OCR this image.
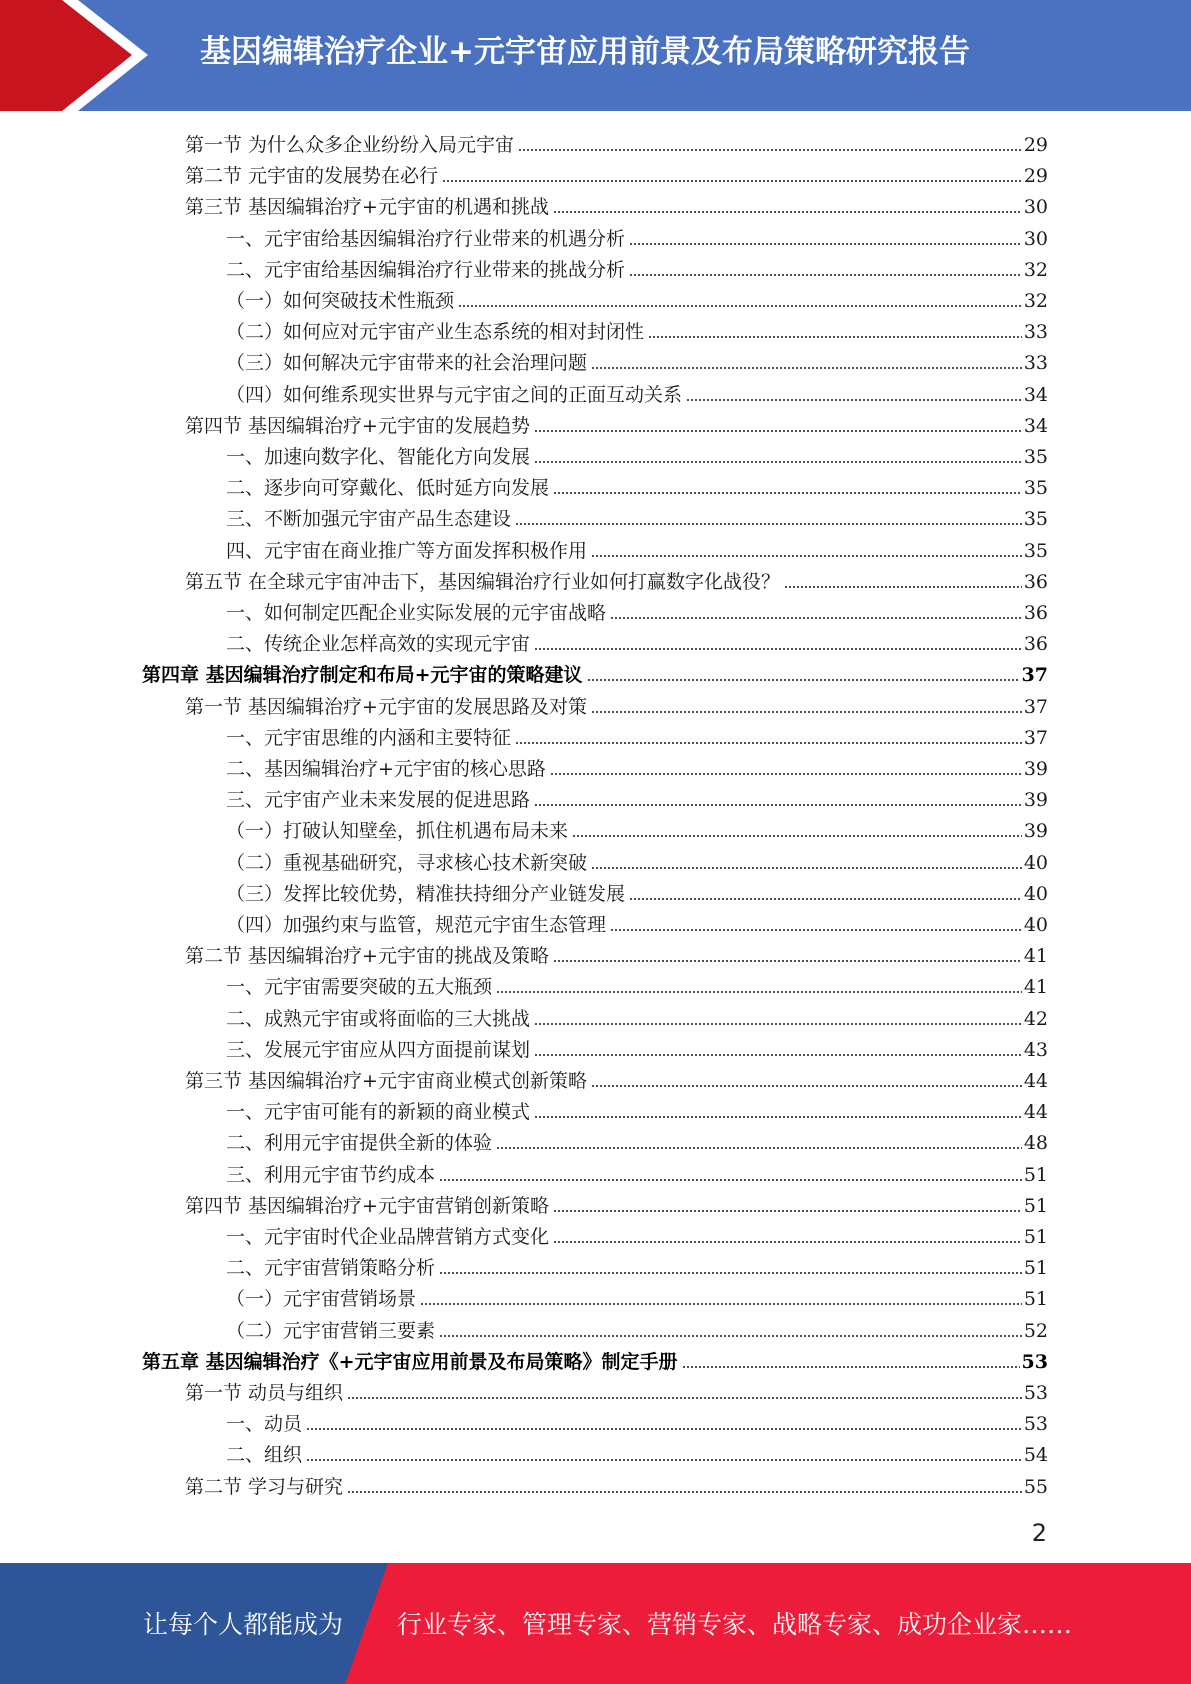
基因编辑治疗企业+元宇宙应用前景及布局策略研究报告
第一节 为什么众多企业纷纷入局元宇宙	29
第二节 元宇宙的发展势在必行	29
第三节 基因编辑治疗+元宇宙的机遇和挑战	30
一、元宇宙给基因编辑治疗行业带来的机遇分析	30
二、元宇宙给基因编辑治疗行业带来的挑战分析	32
（一）如何突破技术性瓶颈	32
（二）如何应对元宇宙产业生态系统的相对封闭性	33
（三）如何解决元宇宙带来的社会治理问题	33
（四）如何维系现实世界与元宇宙之间的正面互动关系	34
第四节 基因编辑治疗+元宇宙的发展趋势	34
一、加速向数字化、智能化方向发展	35
二、逐步向可穿戴化、低时延方向发展	35
三、不断加强元宇宙产品生态建设	35
四、元宇宙在商业推广等方面发挥积极作用	35
第五节 在全球元宇宙冲击下，基因编辑治疗行业如何打赢数字化战役？	36
一、如何制定匹配企业实际发展的元宇宙战略	36
二、传统企业怎样高效的实现元宇宙	36
第四章 基因编辑治疗制定和布局+元宇宙的策略建议	37
第一节 基因编辑治疗+元宇宙的发展思路及对策	37
一、元宇宙思维的内涵和主要特征	37
二、基因编辑治疗+元宇宙的核心思路	39
三、元宇宙产业未来发展的促进思路	39
（一）打破认知壁垒，抓住机遇布局未来	39
（二）重视基础研究，寻求核心技术新突破	40
（三）发挥比较优势，精准扶持细分产业链发展	40
（四）加强约束与监管，规范元宇宙生态管理	40
第二节 基因编辑治疗+元宇宙的挑战及策略	41
一、元宇宙需要突破的五大瓶颈	41
二、成熟元宇宙或将面临的三大挑战	42
三、发展元宇宙应从四方面提前谋划	43
第三节 基因编辑治疗+元宇宙商业模式创新策略	44
一、元宇宙可能有的新颖的商业模式	44
二、利用元宇宙提供全新的体验	48
三、利用元宇宙节约成本	51
第四节 基因编辑治疗+元宇宙营销创新策略	51
一、元宇宙时代企业品牌营销方式变化	51
二、元宇宙营销策略分析	51
（一）元宇宙营销场景	51
（二）元宇宙营销三要素	52
第五章 基因编辑治疗《+元宇宙应用前景及布局策略》制定手册	53
第一节 动员与组织	53
一、动员	53
二、组织	54
第二节 学习与研究	55
2
让每个人都能成为 行业专家、管理专家、营销专家、战略专家、成功企业家……
